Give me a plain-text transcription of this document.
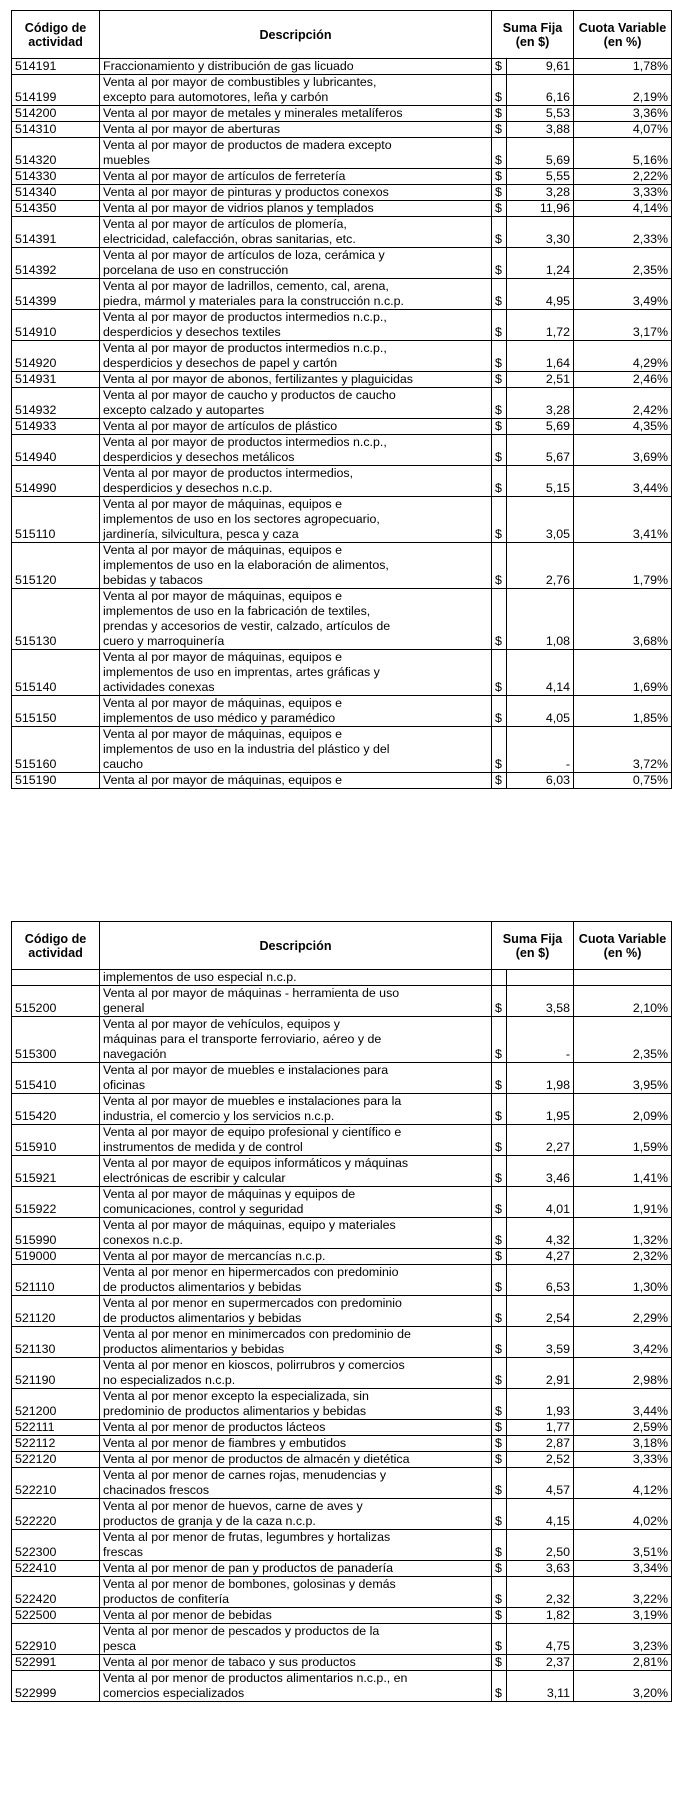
Código de actividad	Descripción	Suma Fija (en $)		Cuota Variable (en %)
514191	Fraccionamiento y distribución de gas licuado	$	9,61	1,78%
514199	Venta al por mayor de combustibles y lubricantes,
excepto para automotores, leña y carbón	$	6,16	2,19%
514200	Venta al por mayor de metales y minerales metalíferos	$	5,53	3,36%
514310	Venta al por mayor de aberturas	$	3,88	4,07%
514320	Venta al por mayor de productos de madera excepto
muebles	$	5,69	5,16%
514330	Venta al por mayor de artículos de ferretería	$	5,55	2,22%
514340	Venta al por mayor de pinturas y productos conexos	$	3,28	3,33%
514350	Venta al por mayor de vidrios planos y templados	$	11,96	4,14%
514391	Venta al por mayor de artículos de plomería,
electricidad, calefacción, obras sanitarias, etc.	$	3,30	2,33%
514392	Venta al por mayor de artículos de loza, cerámica y
porcelana de uso en construcción	$	1,24	2,35%
514399	Venta al por mayor de ladrillos, cemento, cal, arena,
piedra, mármol y materiales para la construcción n.c.p.	$	4,95	3,49%
514910	Venta al por mayor de productos intermedios n.c.p.,
desperdicios y desechos textiles	$	1,72	3,17%
514920	Venta al por mayor de productos intermedios n.c.p.,
desperdicios y desechos de papel y cartón	$	1,64	4,29%
514931	Venta al por mayor de abonos, fertilizantes y plaguicidas	$	2,51	2,46%
514932	Venta al por mayor de caucho y productos de caucho
excepto calzado y autopartes	$	3,28	2,42%
514933	Venta al por mayor de artículos de plástico	$	5,69	4,35%
514940	Venta al por mayor de productos intermedios n.c.p.,
desperdicios y desechos metálicos	$	5,67	3,69%
514990	Venta al por mayor de productos intermedios,
desperdicios y desechos n.c.p.	$	5,15	3,44%
515110	Venta al por mayor de máquinas, equipos e
implementos de uso en los sectores agropecuario,
jardinería, silvicultura, pesca y caza	$	3,05	3,41%
515120	Venta al por mayor de máquinas, equipos e
implementos de uso en la elaboración de alimentos,
bebidas y tabacos	$	2,76	1,79%
515130	Venta al por mayor de máquinas, equipos e
implementos de uso en la fabricación de textiles,
prendas y accesorios de vestir, calzado, artículos de
cuero y marroquinería	$	1,08	3,68%
515140	Venta al por mayor de máquinas, equipos e
implementos de uso en imprentas, artes gráficas y
actividades conexas	$	4,14	1,69%
515150	Venta al por mayor de máquinas, equipos e
implementos de uso médico y paramédico	$	4,05	1,85%
515160	Venta al por mayor de máquinas, equipos e
implementos de uso en la industria del plástico y del
caucho	$	-	3,72%
515190	Venta al por mayor de máquinas, equipos e	$	6,03	0,75%
Código de actividad	Descripción	Suma Fija (en $)		Cuota Variable (en %)

	implementos de uso especial n.c.p.			

515200	Venta al por mayor de máquinas - herramienta de uso
general	$	3,58	2,10%
515300	Venta al por mayor de vehículos, equipos y
máquinas para el transporte ferroviario, aéreo y de
navegación	$	-	2,35%
515410	Venta al por mayor de muebles e instalaciones para
oficinas	$	1,98	3,95%
515420	Venta al por mayor de muebles e instalaciones para la
industria, el comercio y los servicios n.c.p.	$	1,95	2,09%
515910	Venta al por mayor de equipo profesional y científico e
instrumentos de medida y de control	$	2,27	1,59%
515921	Venta al por mayor de equipos informáticos y máquinas
electrónicas de escribir y calcular	$	3,46	1,41%
515922	Venta al por mayor de máquinas y equipos de
comunicaciones, control y seguridad	$	4,01	1,91%
515990	Venta al por mayor de máquinas, equipo y materiales
conexos n.c.p.	$	4,32	1,32%
519000	Venta al por mayor de mercancías n.c.p.	$	4,27	2,32%
521110	Venta al por menor en hipermercados con predominio
de productos alimentarios y bebidas	$	6,53	1,30%
521120	Venta al por menor en supermercados con predominio
de productos alimentarios y bebidas	$	2,54	2,29%
521130	Venta al por menor en minimercados con predominio de
productos alimentarios y bebidas	$	3,59	3,42%
521190	Venta al por menor en kioscos, polirrubros y comercios
no especializados n.c.p.	$	2,91	2,98%
521200	Venta al por menor excepto la especializada, sin
predominio de productos alimentarios y bebidas	$	1,93	3,44%
522111	Venta al por menor de productos lácteos	$	1,77	2,59%
522112	Venta al por menor de fiambres y embutidos	$	2,87	3,18%
522120	Venta al por menor de productos de almacén y dietética	$	2,52	3,33%
522210	Venta al por menor de carnes rojas, menudencias y
chacinados frescos	$	4,57	4,12%
522220	Venta al por menor de huevos, carne de aves y
productos de granja y de la caza n.c.p.	$	4,15	4,02%
522300	Venta al por menor de frutas, legumbres y hortalizas
frescas	$	2,50	3,51%
522410	Venta al por menor de pan y productos de panadería	$	3,63	3,34%
522420	Venta al por menor de bombones, golosinas y demás
productos de confitería	$	2,32	3,22%
522500	Venta al por menor de bebidas	$	1,82	3,19%
522910	Venta al por menor de pescados y productos de la
pesca	$	4,75	3,23%
522991	Venta al por menor de tabaco y sus productos	$	2,37	2,81%
522999	Venta al por menor de productos alimentarios n.c.p., en
comercios especializados	$	3,11	3,20%
